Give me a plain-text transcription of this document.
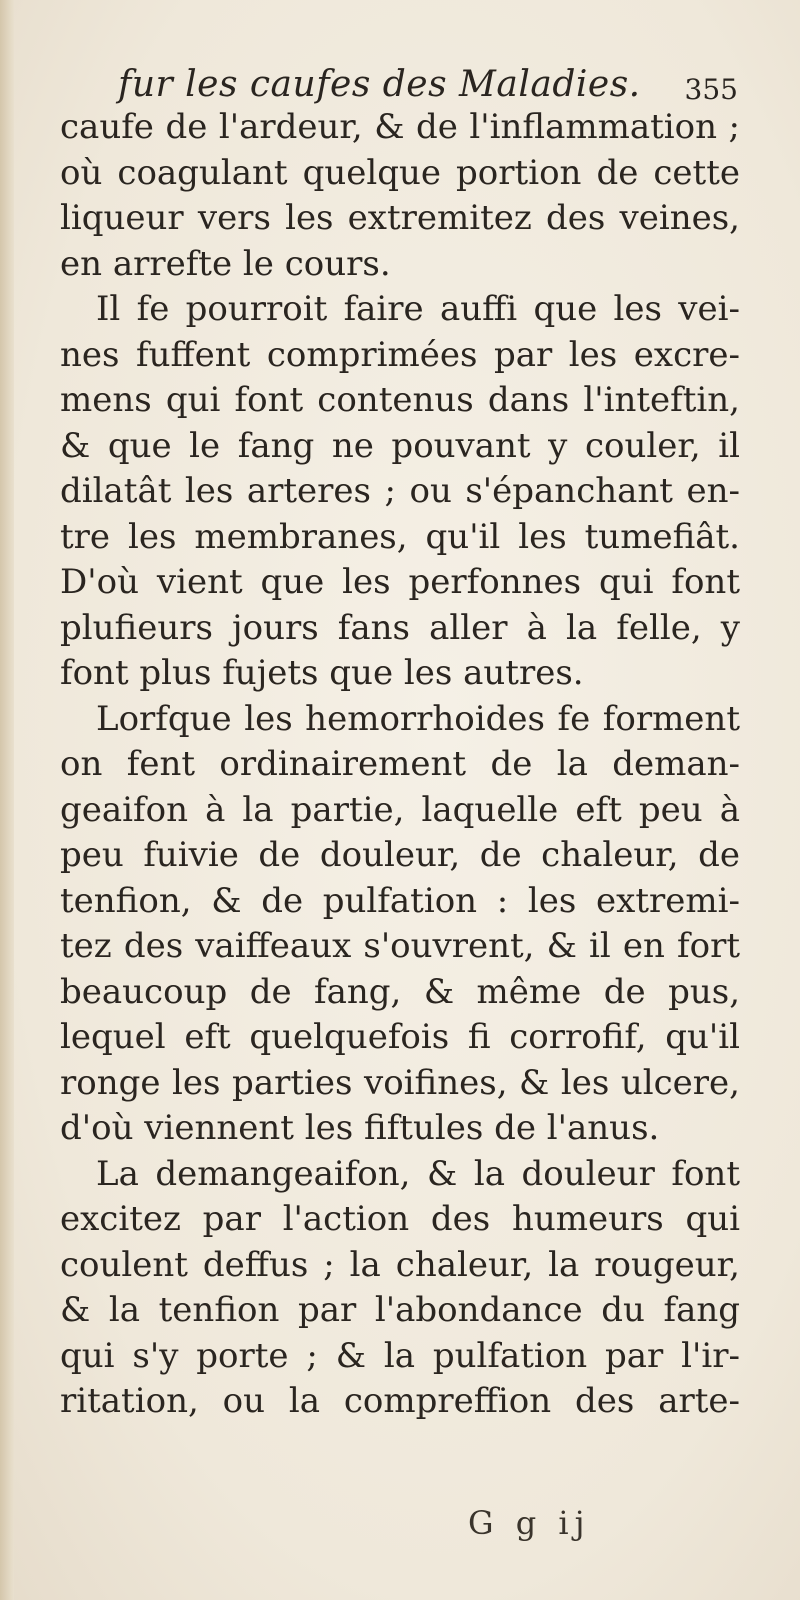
fur les caufes des Maladies. 355
caufe de l'ardeur, & de l'inflammation ;
où coagulant quelque portion de cette
liqueur vers les extremitez des veines,
en arrefte le cours.
Il fe pourroit faire auffi que les vei-
nes fuffent comprimées par les excre-
mens qui font contenus dans l'inteftin,
& que le fang ne pouvant y couler, il
dilatât les arteres ; ou s'épanchant en-
tre les membranes, qu'il les tumefiât.
D'où vient que les perfonnes qui font
plufieurs jours fans aller à la felle, y
font plus fujets que les autres.
Lorfque les hemorrhoides fe forment
on fent ordinairement de la deman-
geaifon à la partie, laquelle eft peu à
peu fuivie de douleur, de chaleur, de
tenfion, & de pulfation : les extremi-
tez des vaiffeaux s'ouvrent, & il en fort
beaucoup de fang, & même de pus,
lequel eft quelquefois fi corrofif, qu'il
ronge les parties voifines, & les ulcere,
d'où viennent les fiftules de l'anus.
La demangeaifon, & la douleur font
excitez par l'action des humeurs qui
coulent deffus ; la chaleur, la rougeur,
& la tenfion par l'abondance du fang
qui s'y porte ; & la pulfation par l'ir-
ritation, ou la compreffion des arte-
G g ij
